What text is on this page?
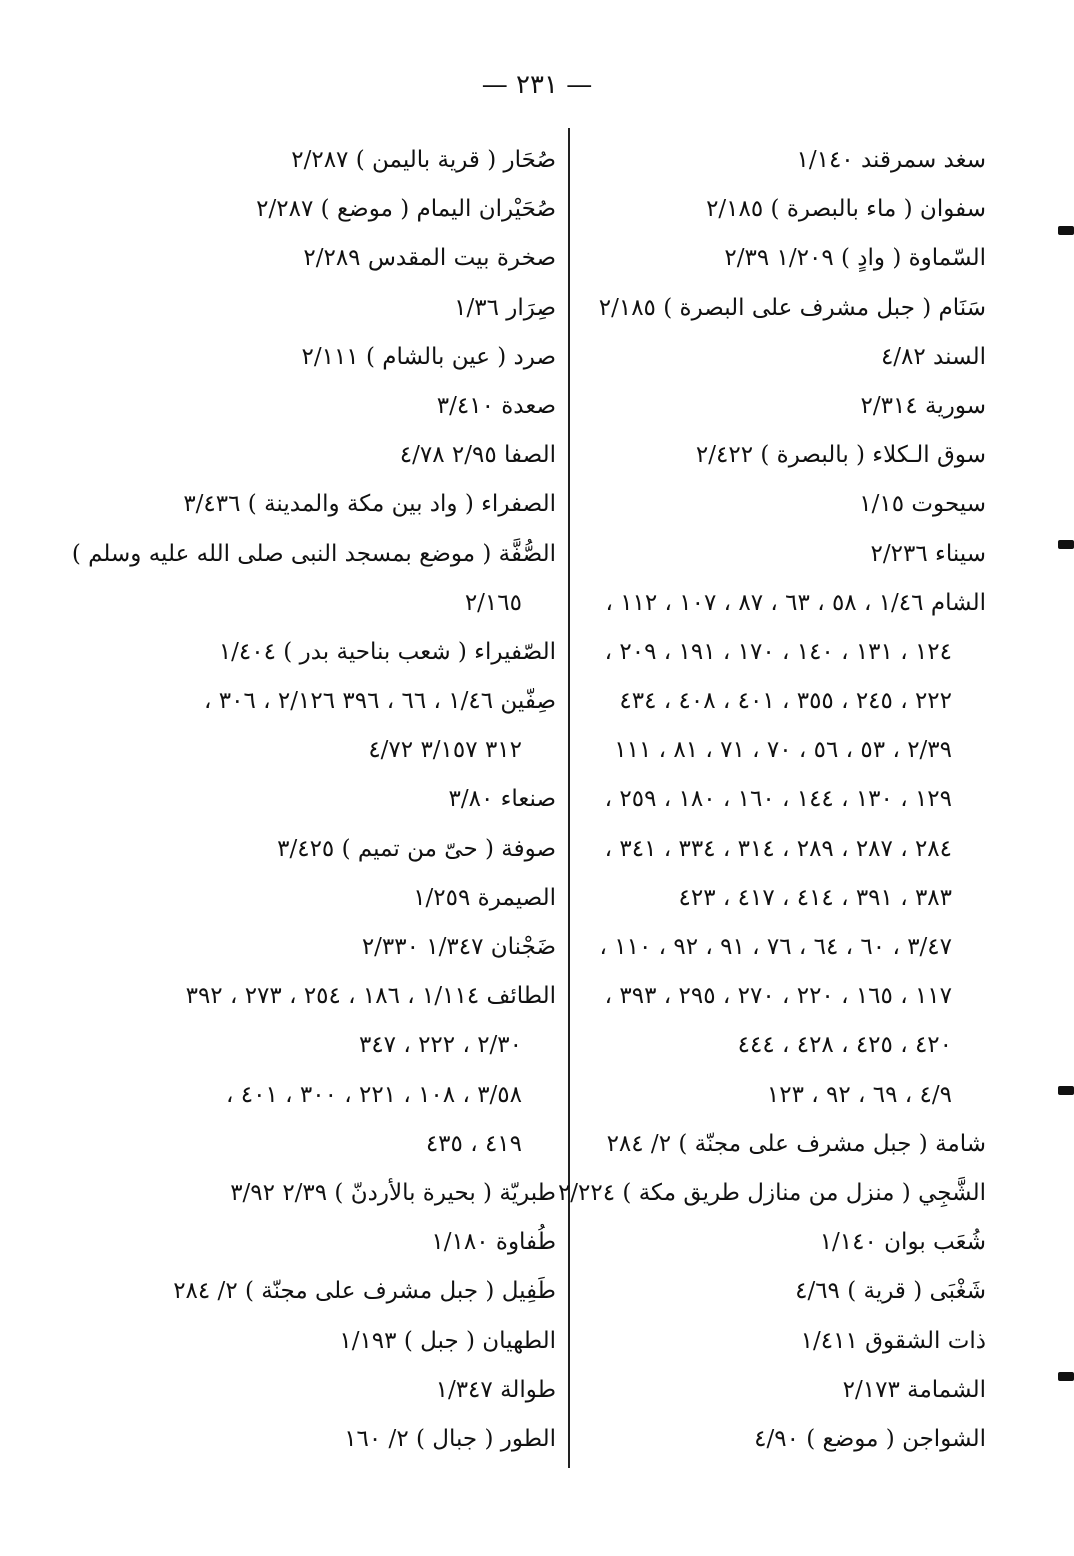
— ٢٣١ —
سغد سمرقند ١/١٤٠
سفوان ( ماء بالبصرة ) ٢/١٨٥
السّماوة ( وادٍ ) ١/٢٠٩ ٢/٣٩
سَنَام ( جبل مشرف على البصرة ) ٢/١٨٥
السند ٤/٨٢
سورية ٢/٣١٤
سوق الـكلاء ( بالبصرة ) ٢/٤٢٢
سيحوت ١/١٥
سيناء ٢/٢٣٦
الشام ١/٤٦ ، ٥٨ ، ٦٣ ، ٨٧ ، ١٠٧ ، ١١٢ ،
١٢٤ ، ١٣١ ، ١٤٠ ، ١٧٠ ، ١٩١ ، ٢٠٩ ،
٢٢٢ ، ٢٤٥ ، ٣٥٥ ، ٤٠١ ، ٤٠٨ ، ٤٣٤
٢/٣٩ ، ٥٣ ، ٥٦ ، ٧٠ ، ٧١ ، ٨١ ، ١١١
١٢٩ ، ١٣٠ ، ١٤٤ ، ١٦٠ ، ١٨٠ ، ٢٥٩ ،
٢٨٤ ، ٢٨٧ ، ٢٨٩ ، ٣١٤ ، ٣٣٤ ، ٣٤١ ،
٣٨٣ ، ٣٩١ ، ٤١٤ ، ٤١٧ ، ٤٢٣
٣/٤٧ ، ٦٠ ، ٦٤ ، ٧٦ ، ٩١ ، ٩٢ ، ١١٠ ،
١١٧ ، ١٦٥ ، ٢٢٠ ، ٢٧٠ ، ٢٩٥ ، ٣٩٣ ،
٤٢٠ ، ٤٢٥ ، ٤٢٨ ، ٤٤٤
٤/٩ ، ٦٩ ، ٩٢ ، ١٢٣
شامة ( جبل مشرف على مجنّة ) ٢/ ٢٨٤
الشَّجِي ( منزل من منازل طريق مكة ) ٢/٢٢٤
شُعَب بوان ١/١٤٠
شَغْبَى ( قرية ) ٤/٦٩
ذات الشقوق ١/٤١١
الشمامة ٢/١٧٣
الشواجن ( موضع ) ٤/٩٠
صُحَار ( قرية باليمن ) ٢/٢٨٧
صُحَيْران اليمام ( موضع ) ٢/٢٨٧
صخرة بيت المقدس ٢/٢٨٩
صِرَار ١/٣٦
صرد ( عين بالشام ) ٢/١١١
صعدة ٣/٤١٠
الصفا ٢/٩٥ ٤/٧٨
الصفراء ( واد بين مكة والمدينة ) ٣/٤٣٦
الصُّفَّة ( موضع بمسجد النبى صلى الله عليه وسلم )
٢/١٦٥
الصّفيراء ( شعب بناحية بدر ) ١/٤٠٤
صِفّين ١/٤٦ ، ٦٦ ، ٣٩٦ ٢/١٢٦ ، ٣٠٦ ،
٣١٢ ٣/١٥٧ ٤/٧٢
صنعاء ٣/٨٠
صوفة ( حىّ من تميم ) ٣/٤٢٥
الصيمرة ١/٢٥٩
ضَجْنان ١/٣٤٧ ٢/٣٣٠
الطائف ١/١١٤ ، ١٨٦ ، ٢٥٤ ، ٢٧٣ ، ٣٩٢
٢/٣٠ ، ٢٢٢ ، ٣٤٧
٣/٥٨ ، ١٠٨ ، ٢٢١ ، ٣٠٠ ، ٤٠١ ،
٤١٩ ، ٤٣٥
طبريّة ( بحيرة بالأردنّ ) ٢/٣٩ ٣/٩٢
طُفاوة ١/١٨٠
طَفِيل ( جبل مشرف على مجنّة ) ٢/ ٢٨٤
الطهيان ( جبل ) ١/١٩٣
طوالة ١/٣٤٧
الطور ( جبال ) ٢/ ١٦٠
